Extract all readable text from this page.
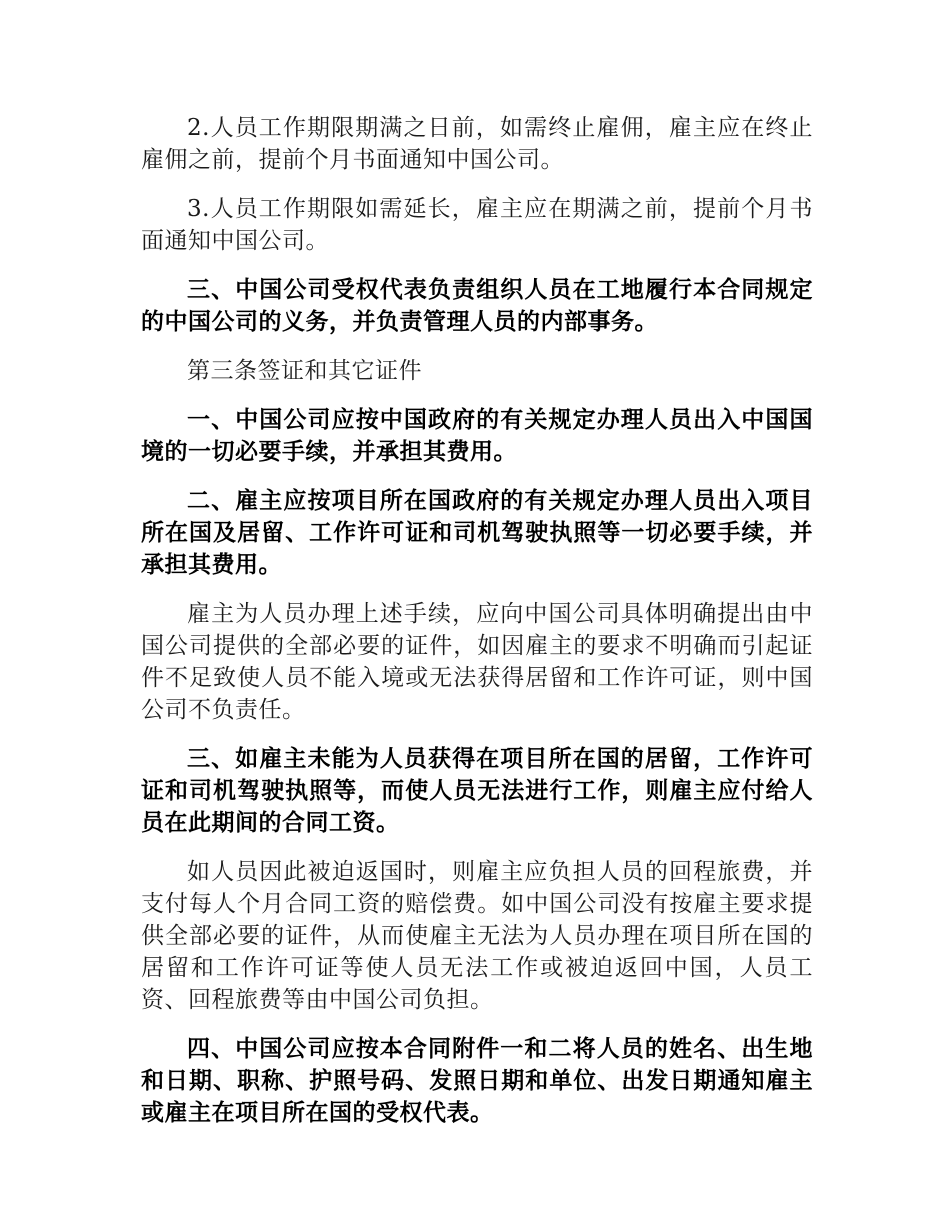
2.人员工作期限期满之日前，如需终止雇佣，雇主应在终止雇佣之前，提前个月书面通知中国公司。

3.人员工作期限如需延长，雇主应在期满之前，提前个月书面通知中国公司。

三、中国公司受权代表负责组织人员在工地履行本合同规定的中国公司的义务，并负责管理人员的内部事务。

第三条签证和其它证件

一、中国公司应按中国政府的有关规定办理人员出入中国国境的一切必要手续，并承担其费用。

二、雇主应按项目所在国政府的有关规定办理人员出入项目所在国及居留、工作许可证和司机驾驶执照等一切必要手续，并承担其费用。

雇主为人员办理上述手续，应向中国公司具体明确提出由中国公司提供的全部必要的证件，如因雇主的要求不明确而引起证件不足致使人员不能入境或无法获得居留和工作许可证，则中国公司不负责任。

三、如雇主未能为人员获得在项目所在国的居留，工作许可证和司机驾驶执照等，而使人员无法进行工作，则雇主应付给人员在此期间的合同工资。

如人员因此被迫返国时，则雇主应负担人员的回程旅费，并支付每人个月合同工资的赔偿费。如中国公司没有按雇主要求提供全部必要的证件，从而使雇主无法为人员办理在项目所在国的居留和工作许可证等使人员无法工作或被迫返回中国，人员工资、回程旅费等由中国公司负担。

四、中国公司应按本合同附件一和二将人员的姓名、出生地和日期、职称、护照号码、发照日期和单位、出发日期通知雇主或雇主在项目所在国的受权代表。
